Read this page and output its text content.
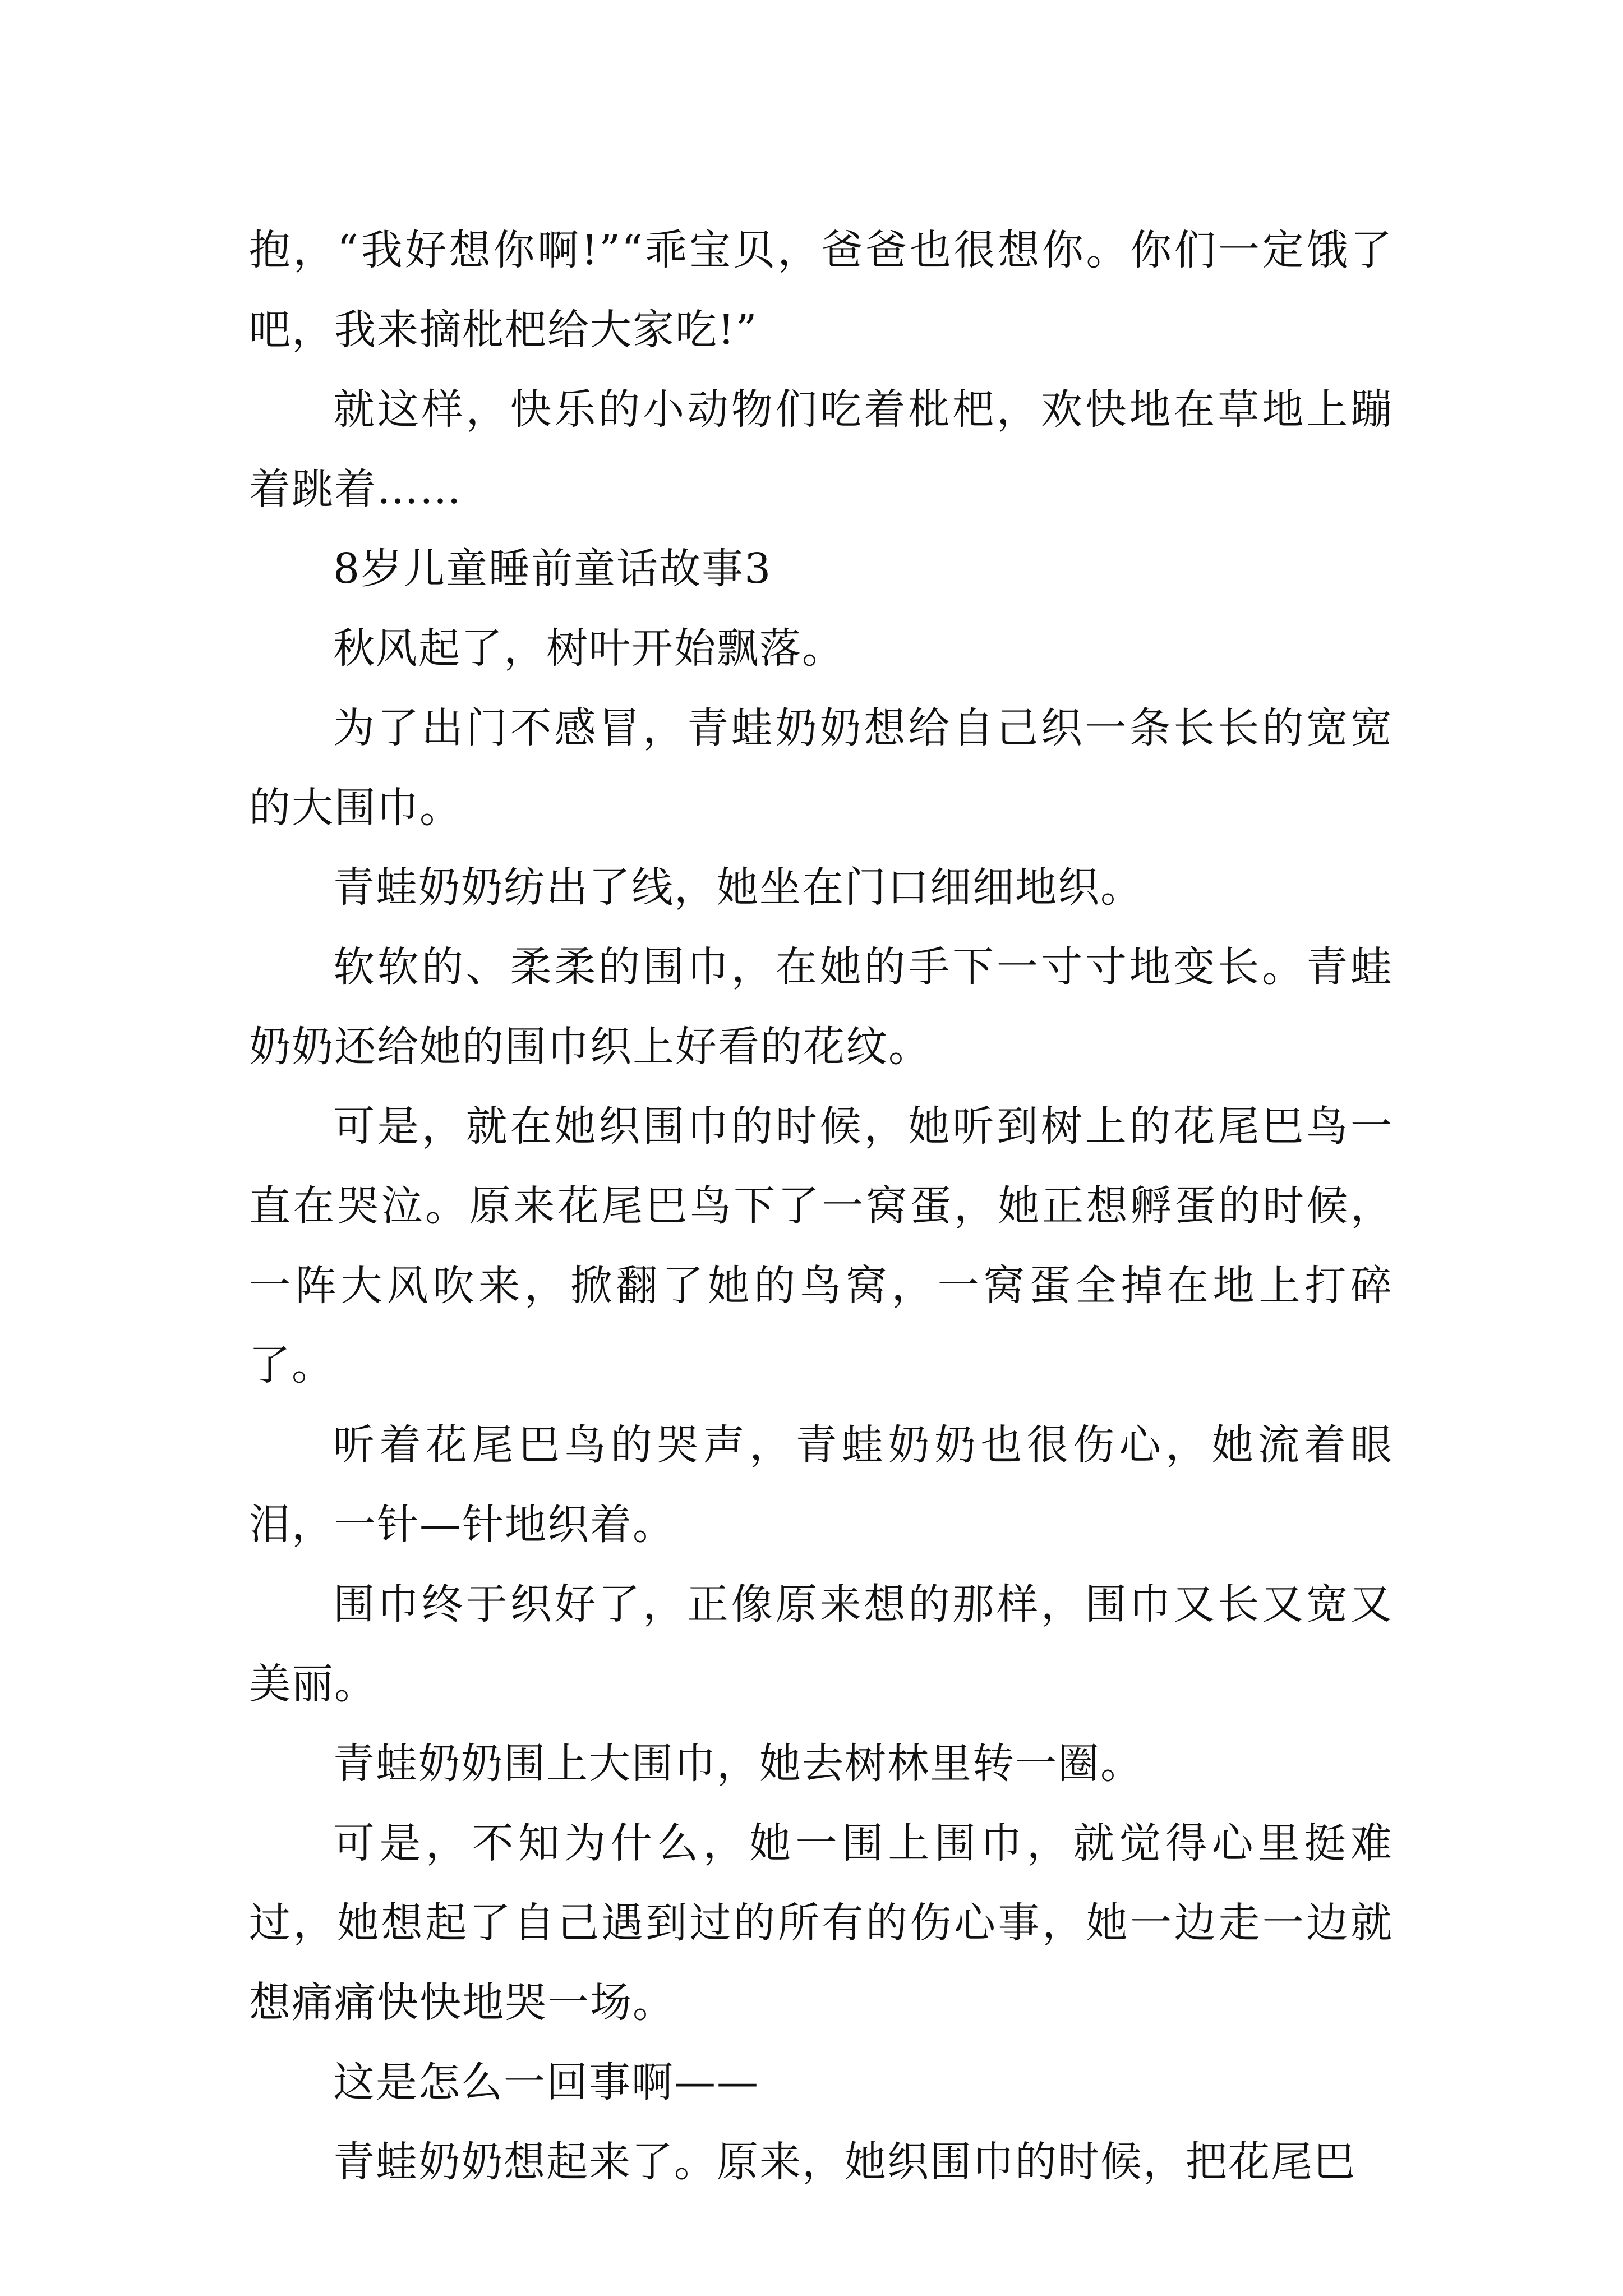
抱，“我好想你啊!”“乖宝贝，爸爸也很想你。你们一定饿了吧，我来摘枇杷给大家吃!”

就这样，快乐的小动物们吃着枇杷，欢快地在草地上蹦着跳着……

8岁儿童睡前童话故事3

秋风起了，树叶开始飘落。

为了出门不感冒，青蛙奶奶想给自己织一条长长的宽宽的大围巾。

青蛙奶奶纺出了线，她坐在门口细细地织。

软软的、柔柔的围巾，在她的手下一寸寸地变长。青蛙奶奶还给她的围巾织上好看的花纹。

可是，就在她织围巾的时候，她听到树上的花尾巴鸟一直在哭泣。原来花尾巴鸟下了一窝蛋，她正想孵蛋的时候，一阵大风吹来，掀翻了她的鸟窝，一窝蛋全掉在地上打碎了。

听着花尾巴鸟的哭声，青蛙奶奶也很伤心，她流着眼泪，一针—针地织着。

围巾终于织好了，正像原来想的那样，围巾又长又宽又美丽。

青蛙奶奶围上大围巾，她去树林里转一圈。

可是，不知为什么，她一围上围巾，就觉得心里挺难过，她想起了自己遇到过的所有的伤心事，她一边走一边就想痛痛快快地哭一场。

这是怎么一回事啊——

青蛙奶奶想起来了。原来，她织围巾的时候，把花尾巴
